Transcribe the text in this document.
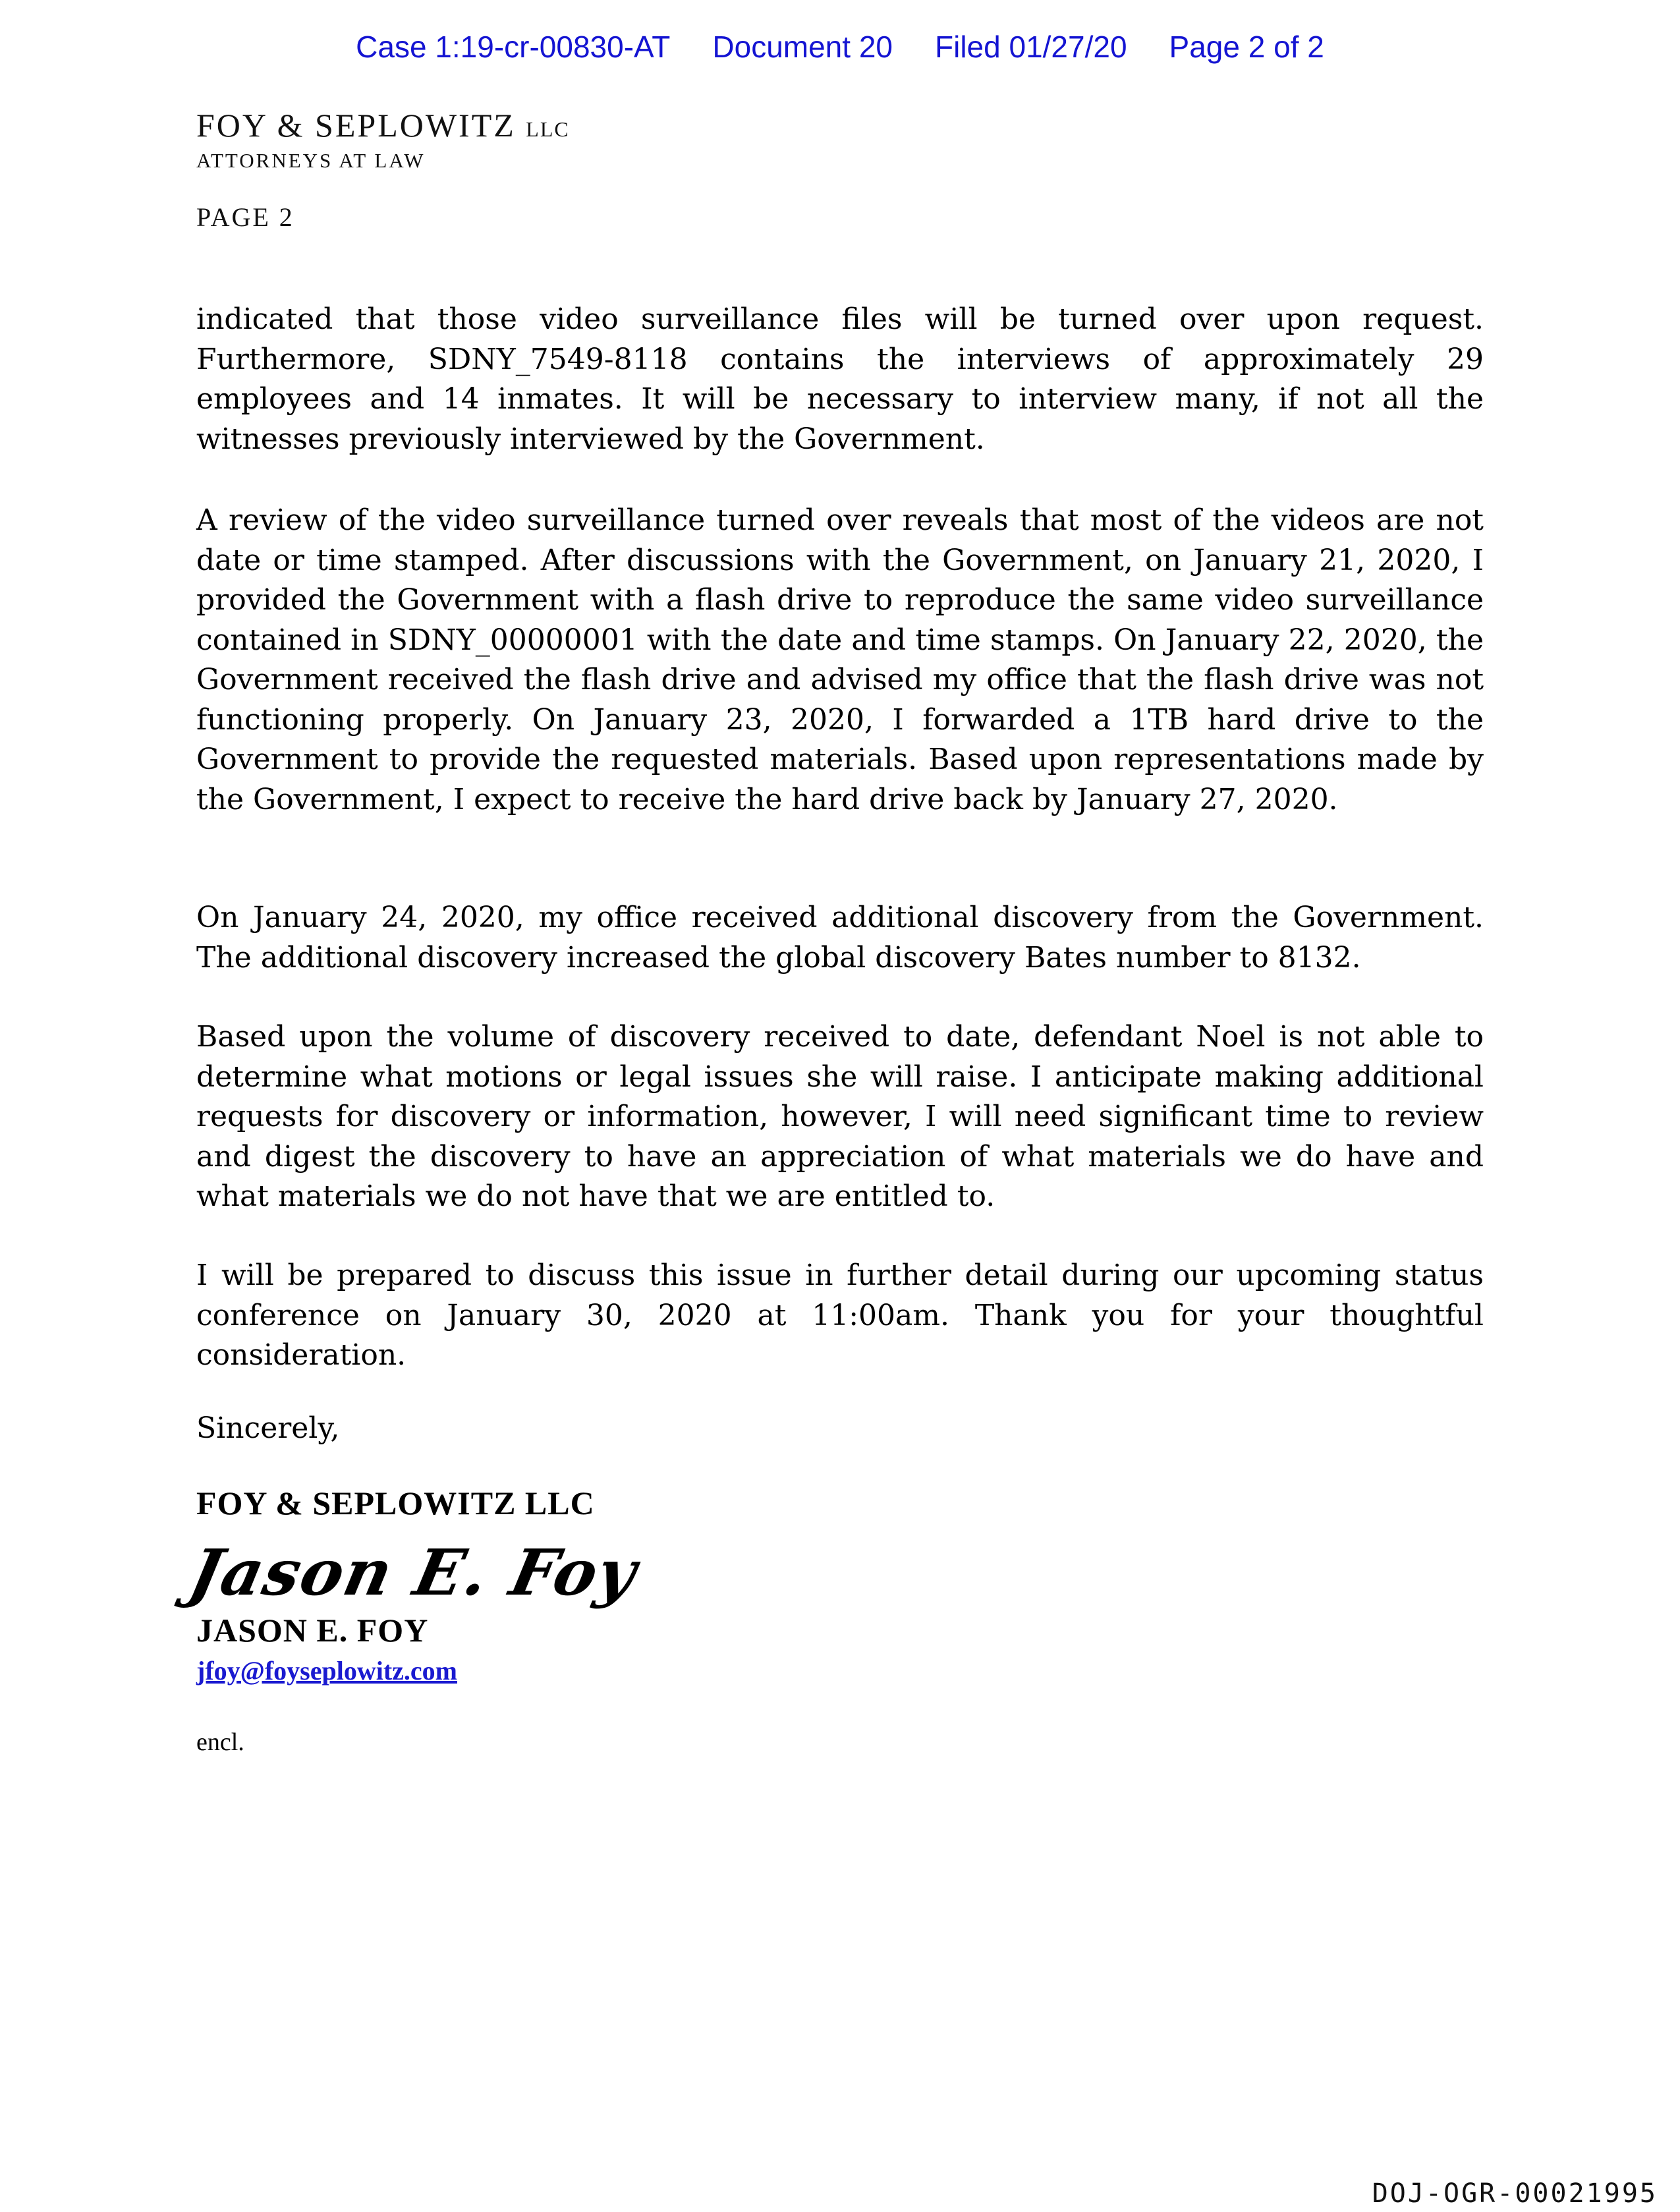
Case 1:19-cr-00830-AT Document 20 Filed 01/27/20 Page 2 of 2
FOY & SEPLOWITZ LLC
ATTORNEYS AT LAW
PAGE 2
indicated that those video surveillance files will be turned over upon request. Furthermore, SDNY_7549-8118 contains the interviews of approximately 29 employees and 14 inmates. It will be necessary to interview many, if not all the witnesses previously interviewed by the Government.
A review of the video surveillance turned over reveals that most of the videos are not date or time stamped. After discussions with the Government, on January 21, 2020, I provided the Government with a flash drive to reproduce the same video surveillance contained in SDNY_00000001 with the date and time stamps. On January 22, 2020, the Government received the flash drive and advised my office that the flash drive was not functioning properly. On January 23, 2020, I forwarded a 1TB hard drive to the Government to provide the requested materials. Based upon representations made by the Government, I expect to receive the hard drive back by January 27, 2020.
On January 24, 2020, my office received additional discovery from the Government. The additional discovery increased the global discovery Bates number to 8132.
Based upon the volume of discovery received to date, defendant Noel is not able to determine what motions or legal issues she will raise. I anticipate making additional requests for discovery or information, however, I will need significant time to review and digest the discovery to have an appreciation of what materials we do have and what materials we do not have that we are entitled to.
I will be prepared to discuss this issue in further detail during our upcoming status conference on January 30, 2020 at 11:00am. Thank you for your thoughtful consideration.
Sincerely,
FOY & SEPLOWITZ LLC
Jason E. Foy
JASON E. FOY
jfoy@foyseplowitz.com
encl.
DOJ-OGR-00021995
